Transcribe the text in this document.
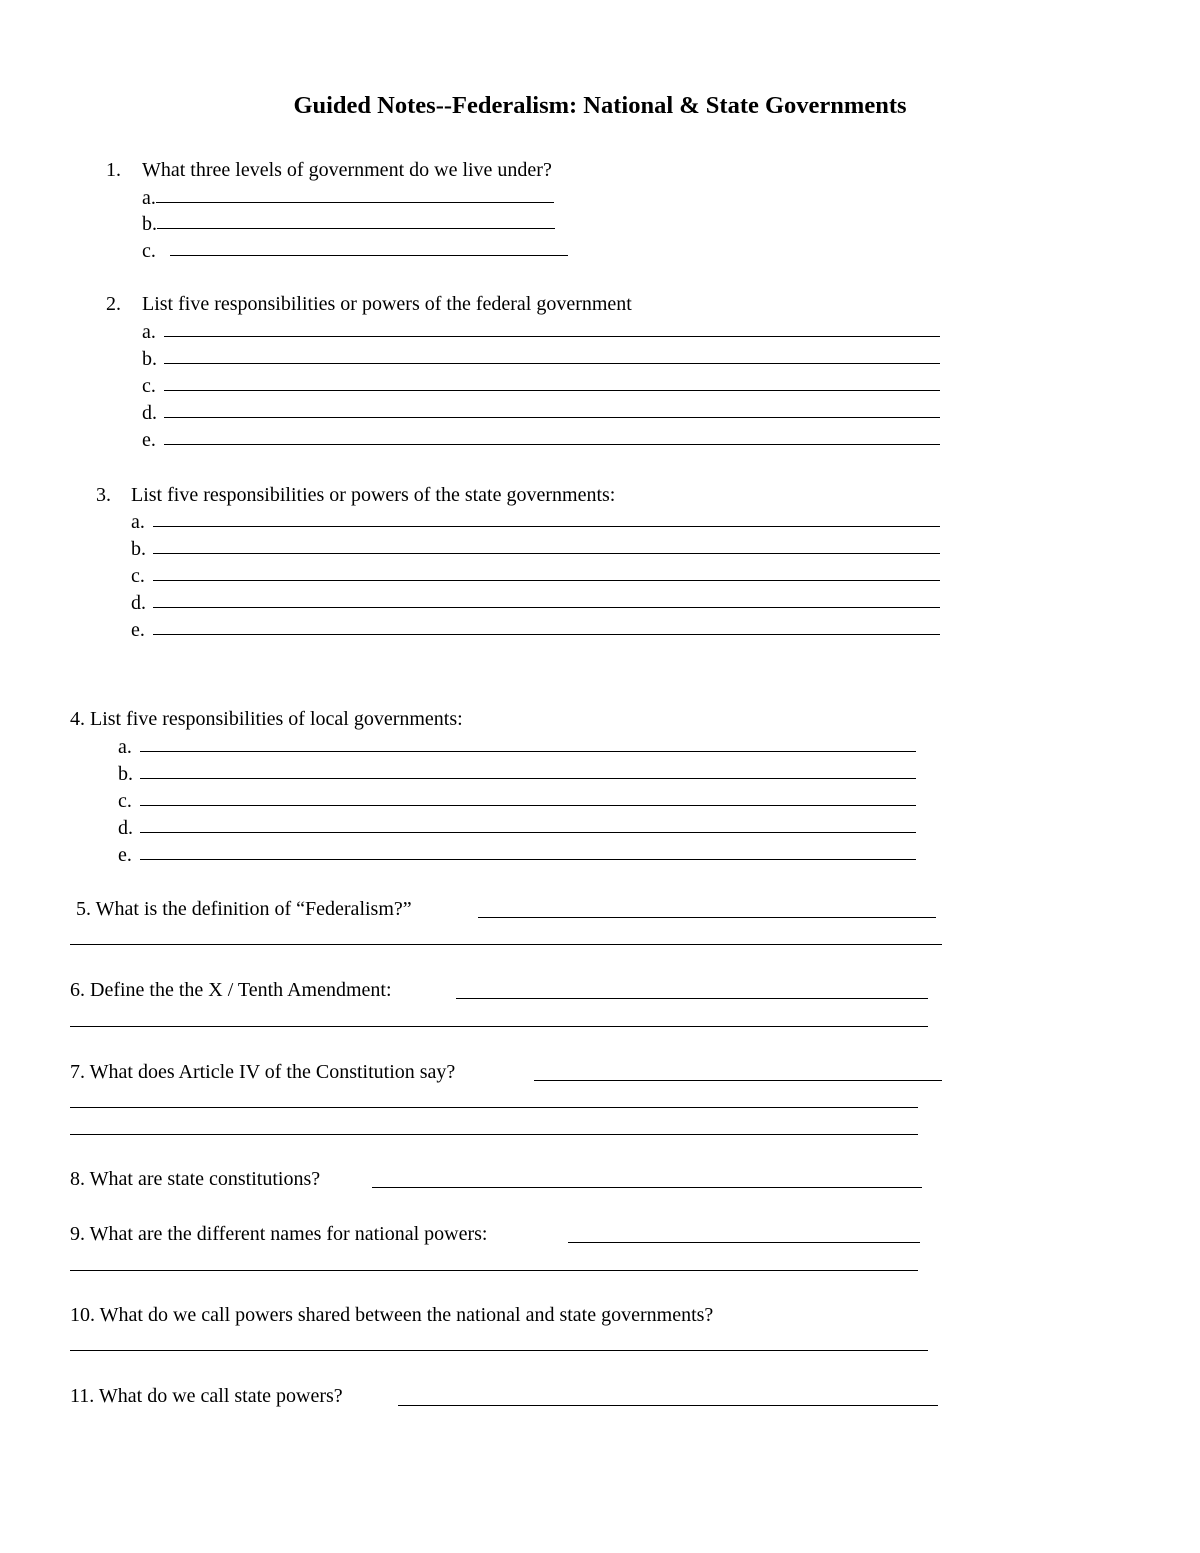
Guided Notes--Federalism: National & State Governments
1. What three levels of government do we live under?
a.
b.
c.
2. List five responsibilities or powers of the federal government
a.
b.
c.
d.
e.
3. List five responsibilities or powers of the state governments:
a.
b.
c.
d.
e.
4. List five responsibilities of local governments:
a.
b.
c.
d.
e.
5. What is the definition of “Federalism?”
6. Define the the X / Tenth Amendment:
7. What does Article IV of the Constitution say?
8. What are state constitutions?
9. What are the different names for national powers:
10. What do we call powers shared between the national and state governments?
11. What do we call state powers?
